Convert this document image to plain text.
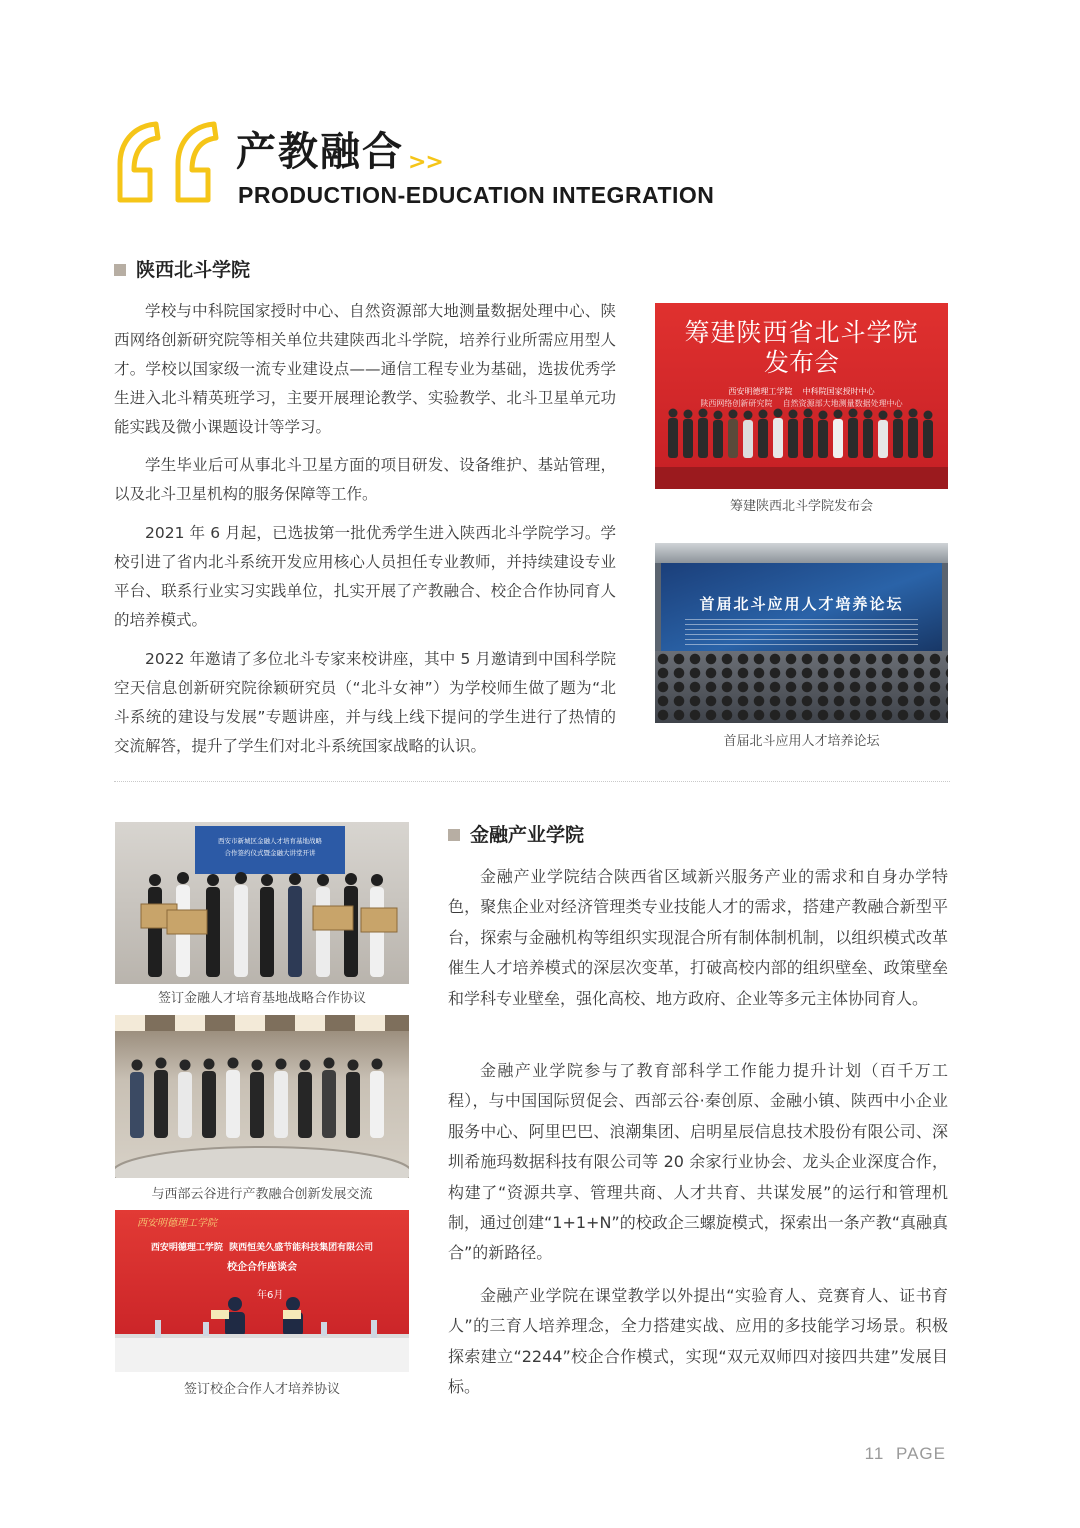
产教融合 >>
PRODUCTION-EDUCATION INTEGRATION
陕西北斗学院

学校与中科院国家授时中心、自然资源部大地测量数据处理中心、陕西网络创新研究院等相关单位共建陕西北斗学院，培养行业所需应用型人才。学校以国家级一流专业建设点——通信工程专业为基础，选拔优秀学生进入北斗精英班学习，主要开展理论教学、实验教学、北斗卫星单元功能实践及微小课题设计等学习。

学生毕业后可从事北斗卫星方面的项目研发、设备维护、基站管理，以及北斗卫星机构的服务保障等工作。

2021 年 6 月起，已选拔第一批优秀学生进入陕西北斗学院学习。学校引进了省内北斗系统开发应用核心人员担任专业教师，并持续建设专业平台、联系行业实习实践单位，扎实开展了产教融合、校企合作协同育人的培养模式。

2022 年邀请了多位北斗专家来校讲座，其中 5 月邀请到中国科学院空天信息创新研究院徐颖研究员（“北斗女神”）为学校师生做了题为“北斗系统的建设与发展”专题讲座，并与线上线下提问的学生进行了热情的交流解答，提升了学生们对北斗系统国家战略的认识。

筹建陕西省北斗学院
发布会
西安明德理工学院    中科院国家授时中心
陕西网络创新研究院    自然资源部大地测量数据处理中心
筹建陕西北斗学院发布会
首届北斗应用人才培养论坛
首届北斗应用人才培养论坛
西安市新城区金融人才培育基地战略
合作签约仪式暨金融大讲堂开讲
签订金融人才培育基地战略合作协议
与西部云谷进行产教融合创新发展交流
西安明德理工学院
西安明德理工学院  陕西恒美久盛节能科技集团有限公司
校企合作座谈会
年6月
签订校企合作人才培养协议
金融产业学院

金融产业学院结合陕西省区域新兴服务产业的需求和自身办学特色，聚焦企业对经济管理类专业技能人才的需求，搭建产教融合新型平台，探索与金融机构等组织实现混合所有制体制机制，以组织模式改革催生人才培养模式的深层次变革，打破高校内部的组织壁垒、政策壁垒和学科专业壁垒，强化高校、地方政府、企业等多元主体协同育人。

金融产业学院参与了教育部科学工作能力提升计划（百千万工程），与中国国际贸促会、西部云谷·秦创原、金融小镇、陕西中小企业服务中心、阿里巴巴、浪潮集团、启明星辰信息技术股份有限公司、深圳希施玛数据科技有限公司等 20 余家行业协会、龙头企业深度合作，构建了“资源共享、管理共商、人才共育、共谋发展”的运行和管理机制，通过创建“1+1+N”的校政企三螺旋模式，探索出一条产教“真融真合”的新路径。

金融产业学院在课堂教学以外提出“实验育人、竞赛育人、证书育人”的三育人培养理念，全力搭建实战、应用的多技能学习场景。积极探索建立“2244”校企合作模式，实现“双元双师四对接四共建”发展目标。

11 PAGE
